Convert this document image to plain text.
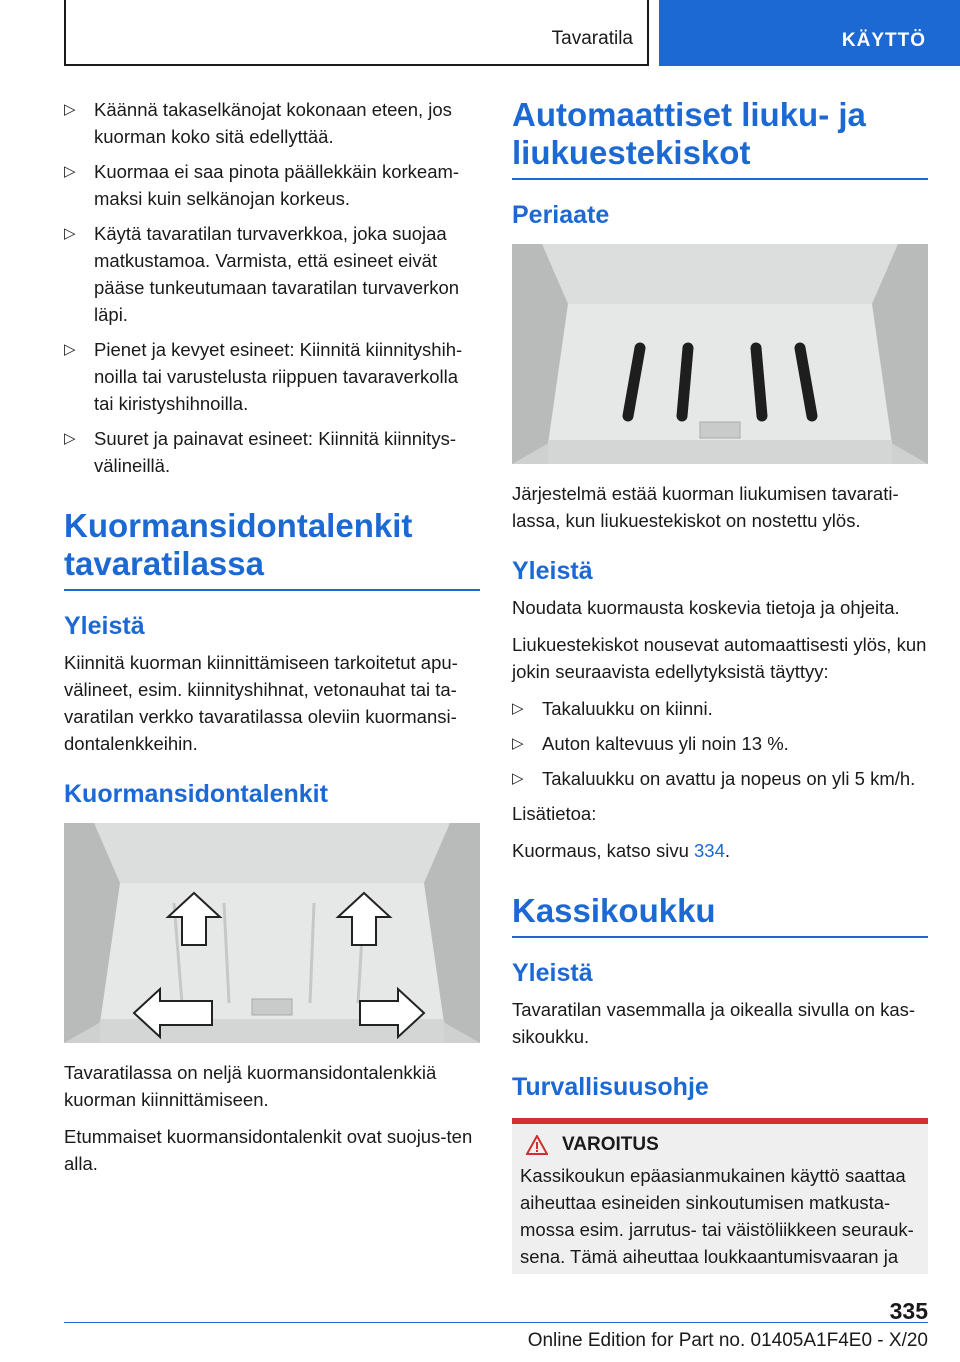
Tavaratila	KÄYTTÖ
▷ Käännä takaselkänojat kokonaan eteen, jos kuorman koko sitä edellyttää.
▷ Kuormaa ei saa pinota päällekkäin korkeam-maksi kuin selkänojan korkeus.
▷ Käytä tavaratilan turvaverkkoa, joka suojaa matkustamoa. Varmista, että esineet eivät pääse tunkeutumaan tavaratilan turvaverkon läpi.
▷ Pienet ja kevyet esineet: Kiinnitä kiinnityshih-noilla tai varustelusta riippuen tavaraverkolla tai kiristyshihnoilla.
▷ Suuret ja painavat esineet: Kiinnitä kiinnitys-välineillä.
Kuormansidontalenkit tavaratilassa
Yleistä
Kiinnitä kuorman kiinnittämiseen tarkoitetut apu-välineet, esim. kiinnityshihnat, vetonauhat tai ta-varatilan verkko tavaratilassa oleviin kuormansi-dontalenkkeihin.
Kuormansidontalenkit
Tavaratilassa on neljä kuormansidontalenkkiä kuorman kiinnittämiseen.
Etummaiset kuormansidontalenkit ovat suojus-ten alla.
Automaattiset liuku- ja liukuestekiskot
Periaate
Järjestelmä estää kuorman liukumisen tavarati-lassa, kun liukuestekiskot on nostettu ylös.
Yleistä
Noudata kuormausta koskevia tietoja ja ohjeita.
Liukuestekiskot nousevat automaattisesti ylös, kun jokin seuraavista edellytyksistä täyttyy:
▷ Takaluukku on kiinni.
▷ Auton kaltevuus yli noin 13 %.
▷ Takaluukku on avattu ja nopeus on yli 5 km/h.
Lisätietoa:
Kuormaus, katso sivu 334.
Kassikoukku
Yleistä
Tavaratilan vasemmalla ja oikealla sivulla on kas-sikoukku.
Turvallisuusohje
VAROITUS
Kassikoukun epäasianmukainen käyttö saattaa aiheuttaa esineiden sinkoutumisen matkusta-mossa esim. jarrutus- tai väistöliikkeen seurauk-sena. Tämä aiheuttaa loukkaantumisvaaran ja
335
Online Edition for Part no. 01405A1F4E0 - X/20
